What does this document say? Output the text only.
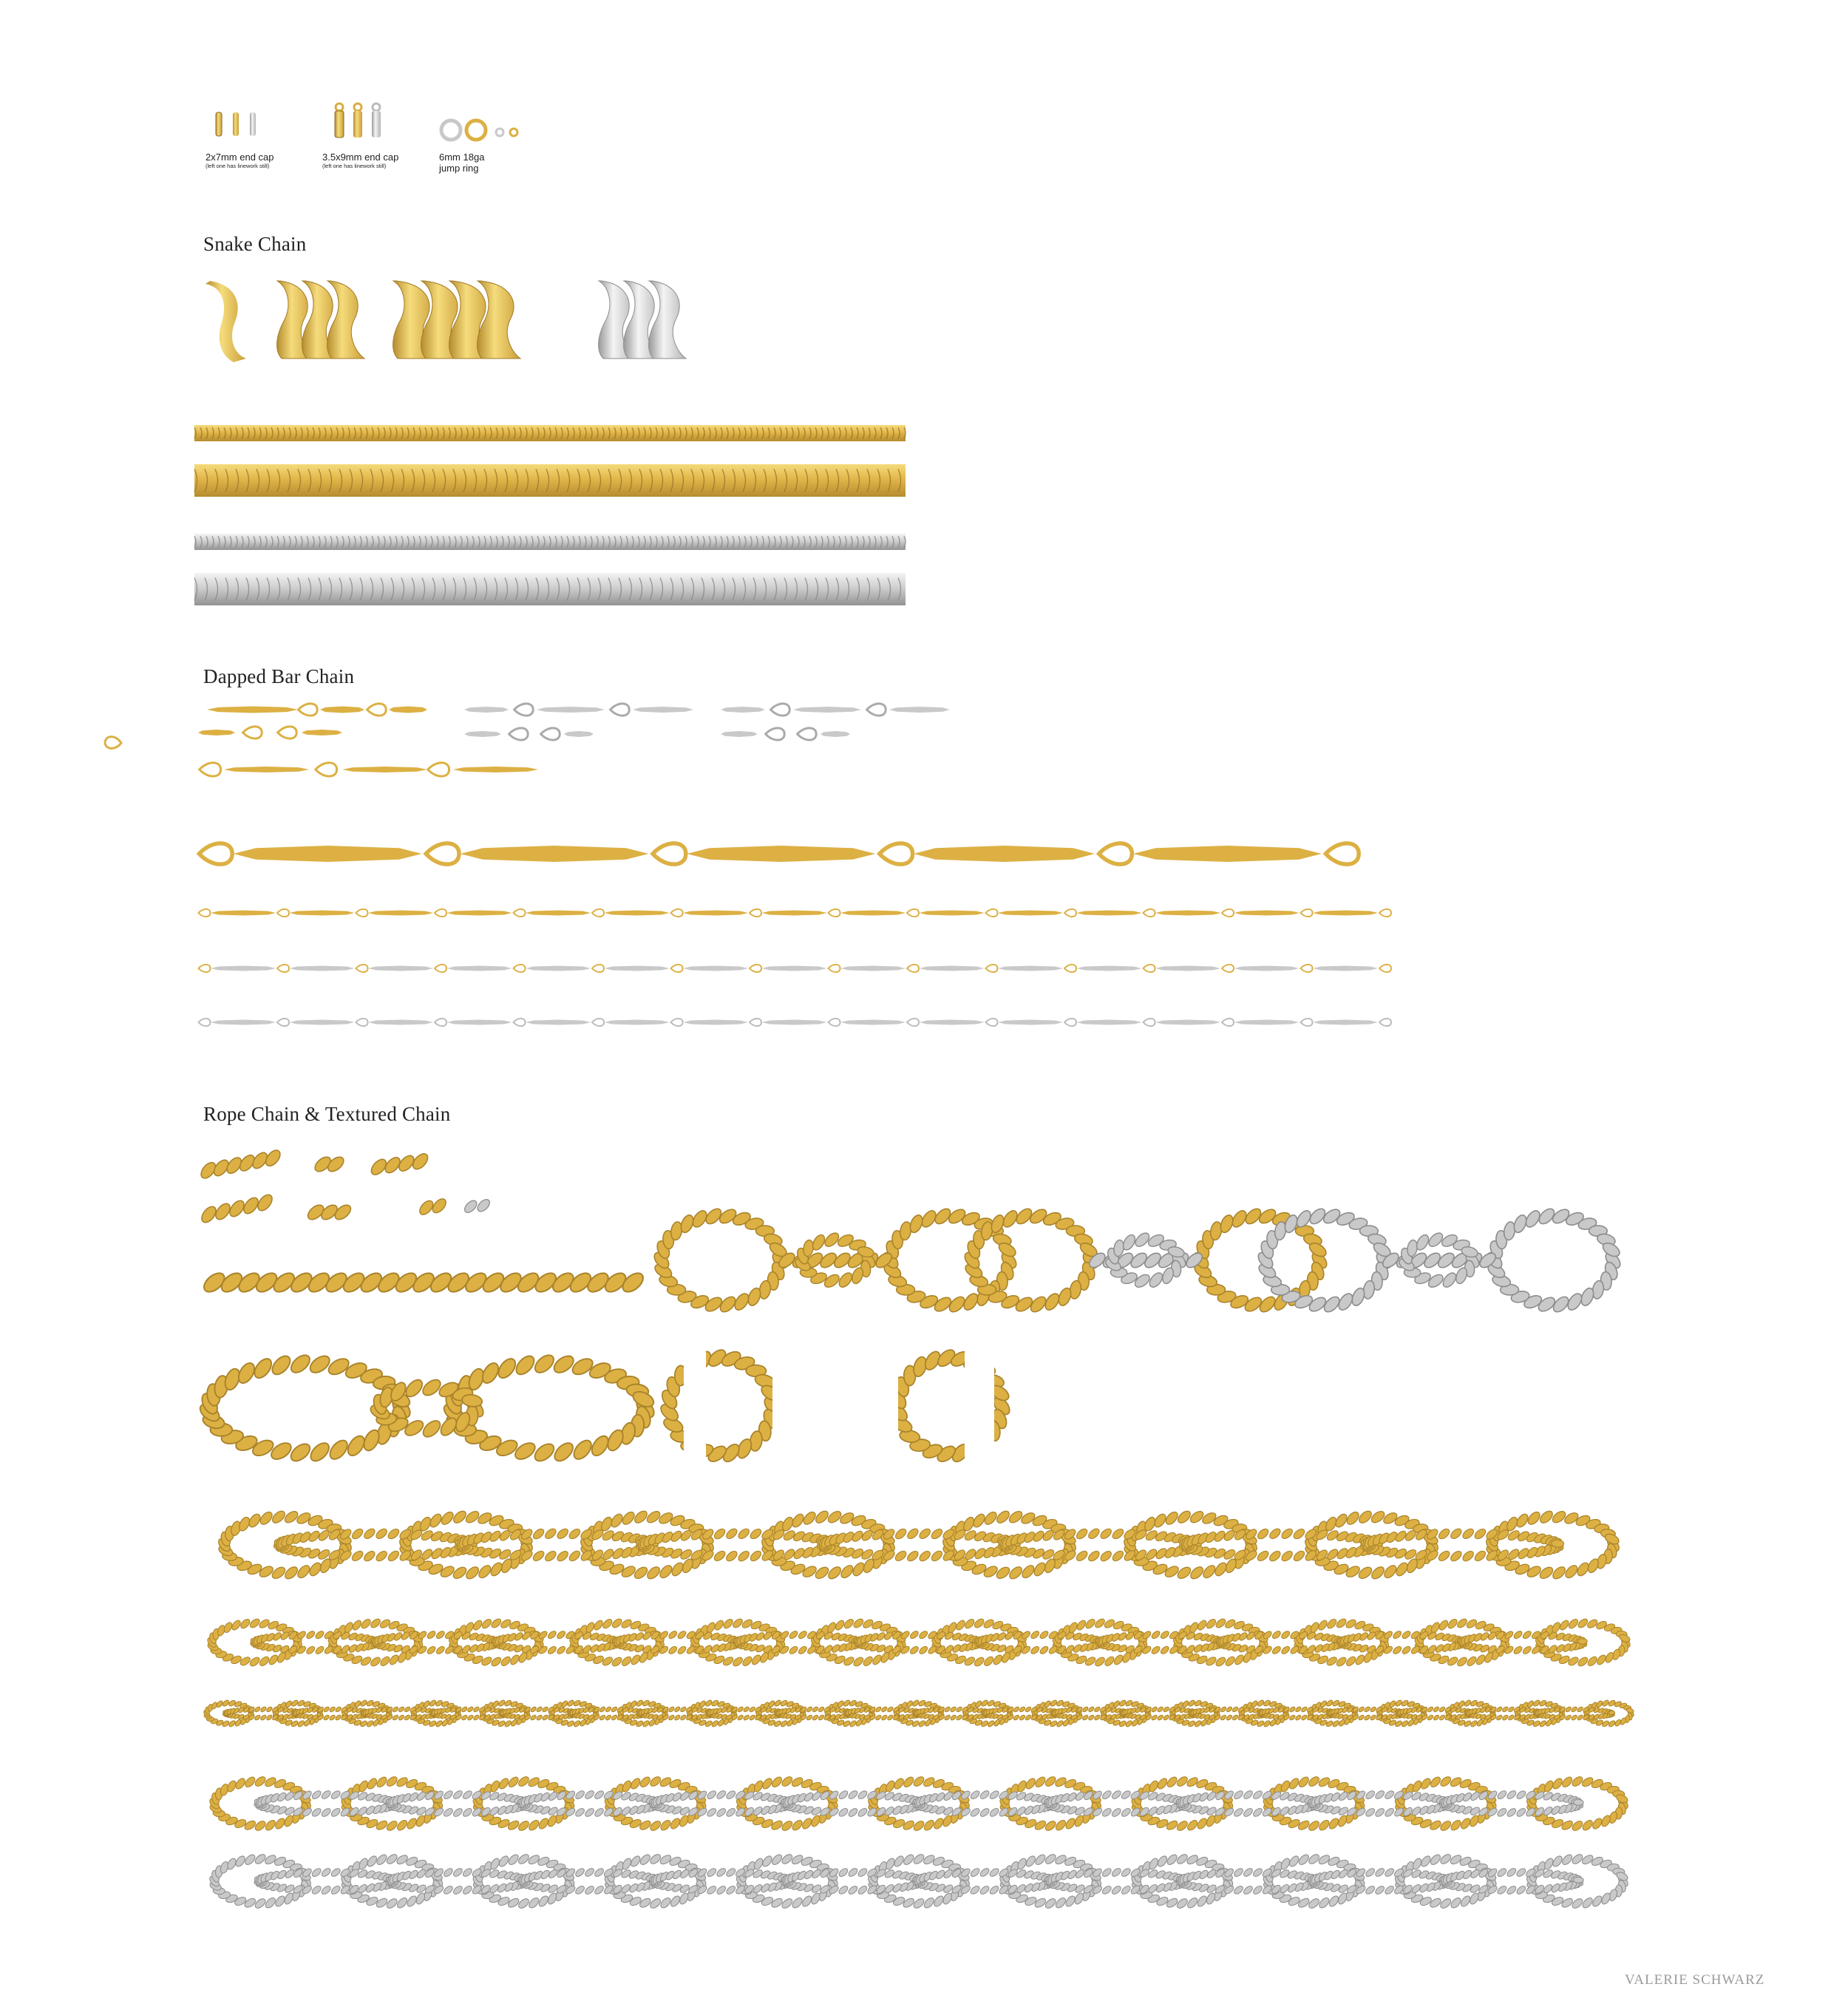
2x7mm end cap
(left one has linework still)
3.5x9mm end cap
(left one has linework still)
6mm 18ga
jump ring
Snake Chain
Dapped Bar Chain
Rope Chain & Textured Chain
VALERIE SCHWARZ
